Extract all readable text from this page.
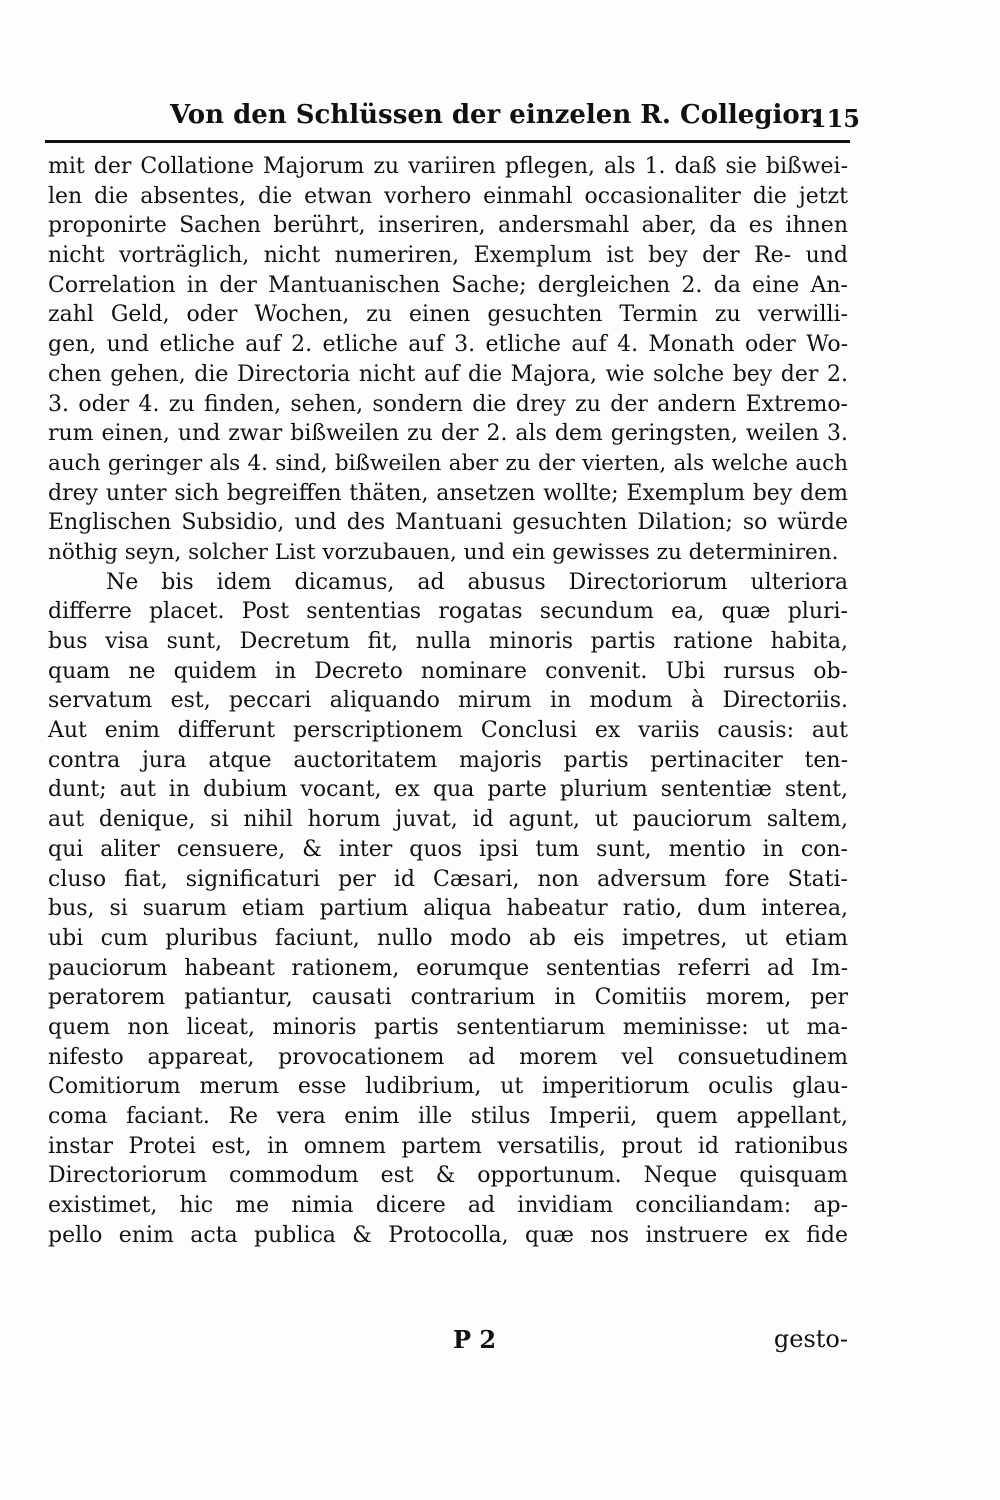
Von den Schlüssen der einzelen R. Collegior.
115
mit der Collatione Majorum zu variiren pflegen, als 1. daß sie bißwei-
len die absentes, die etwan vorhero einmahl occasionaliter die jetzt
proponirte Sachen berührt, inseriren, andersmahl aber, da es ihnen
nicht vorträglich, nicht numeriren, Exemplum ist bey der Re- und
Correlation in der Mantuanischen Sache; dergleichen 2. da eine An-
zahl Geld, oder Wochen, zu einen gesuchten Termin zu verwilli-
gen, und etliche auf 2. etliche auf 3. etliche auf 4. Monath oder Wo-
chen gehen, die Directoria nicht auf die Majora, wie solche bey der 2.
3. oder 4. zu finden, sehen, sondern die drey zu der andern Extremo-
rum einen, und zwar bißweilen zu der 2. als dem geringsten, weilen 3.
auch geringer als 4. sind, bißweilen aber zu der vierten, als welche auch
drey unter sich begreiffen thäten, ansetzen wollte; Exemplum bey dem
Englischen Subsidio, und des Mantuani gesuchten Dilation; so würde
nöthig seyn, solcher List vorzubauen, und ein gewisses zu determiniren.
Ne bis idem dicamus, ad abusus Directoriorum ulteriora
differre placet. Post sententias rogatas secundum ea, quæ pluri-
bus visa sunt, Decretum fit, nulla minoris partis ratione habita,
quam ne quidem in Decreto nominare convenit. Ubi rursus ob-
servatum est, peccari aliquando mirum in modum à Directoriis.
Aut enim differunt perscriptionem Conclusi ex variis causis: aut
contra jura atque auctoritatem majoris partis pertinaciter ten-
dunt; aut in dubium vocant, ex qua parte plurium sententiæ stent,
aut denique, si nihil horum juvat, id agunt, ut pauciorum saltem,
qui aliter censuere, & inter quos ipsi tum sunt, mentio in con-
cluso fiat, significaturi per id Cæsari, non adversum fore Stati-
bus, si suarum etiam partium aliqua habeatur ratio, dum interea,
ubi cum pluribus faciunt, nullo modo ab eis impetres, ut etiam
pauciorum habeant rationem, eorumque sententias referri ad Im-
peratorem patiantur, causati contrarium in Comitiis morem, per
quem non liceat, minoris partis sententiarum meminisse: ut ma-
nifesto appareat, provocationem ad morem vel consuetudinem
Comitiorum merum esse ludibrium, ut imperitiorum oculis glau-
coma faciant. Re vera enim ille stilus Imperii, quem appellant,
instar Protei est, in omnem partem versatilis, prout id rationibus
Directoriorum commodum est & opportunum. Neque quisquam
existimet, hic me nimia dicere ad invidiam conciliandam: ap-
pello enim acta publica & Protocolla, quæ nos instruere ex fide
P 2	gesto-
